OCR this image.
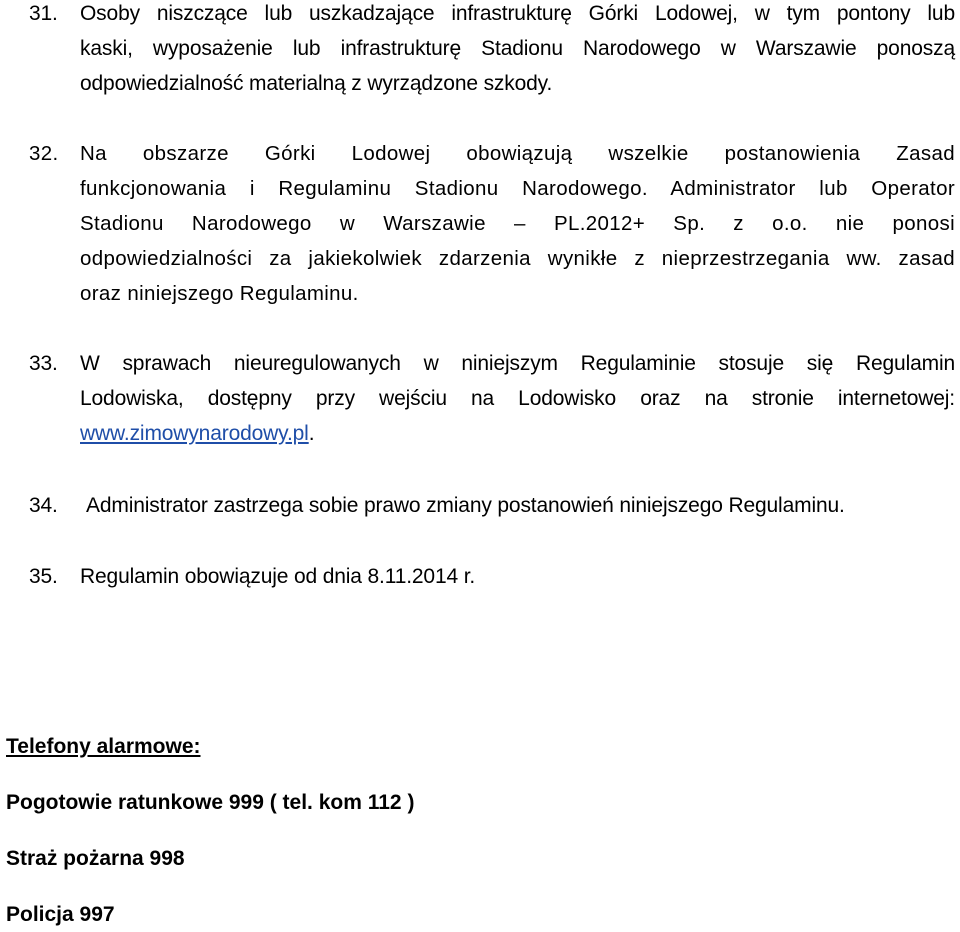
31. Osoby niszczące lub uszkadzające infrastrukturę Górki Lodowej, w tym pontony lub
kaski, wyposażenie lub infrastrukturę Stadionu Narodowego w Warszawie ponoszą
odpowiedzialność materialną z wyrządzone szkody.
32. Na obszarze Górki Lodowej obowiązują wszelkie postanowienia Zasad
funkcjonowania i Regulaminu Stadionu Narodowego. Administrator lub Operator
Stadionu Narodowego w Warszawie – PL.2012+ Sp. z o.o. nie ponosi
odpowiedzialności za jakiekolwiek zdarzenia wynikłe z nieprzestrzegania ww. zasad
oraz niniejszego Regulaminu.
33. W sprawach nieuregulowanych w niniejszym Regulaminie stosuje się Regulamin
Lodowiska, dostępny przy wejściu na Lodowisko oraz na stronie internetowej:
www.zimowynarodowy.pl.
34. Administrator zastrzega sobie prawo zmiany postanowień niniejszego Regulaminu.
35. Regulamin obowiązuje od dnia 8.11.2014 r.
Telefony alarmowe:
Pogotowie ratunkowe 999 ( tel. kom 112 )
Straż pożarna 998
Policja 997
